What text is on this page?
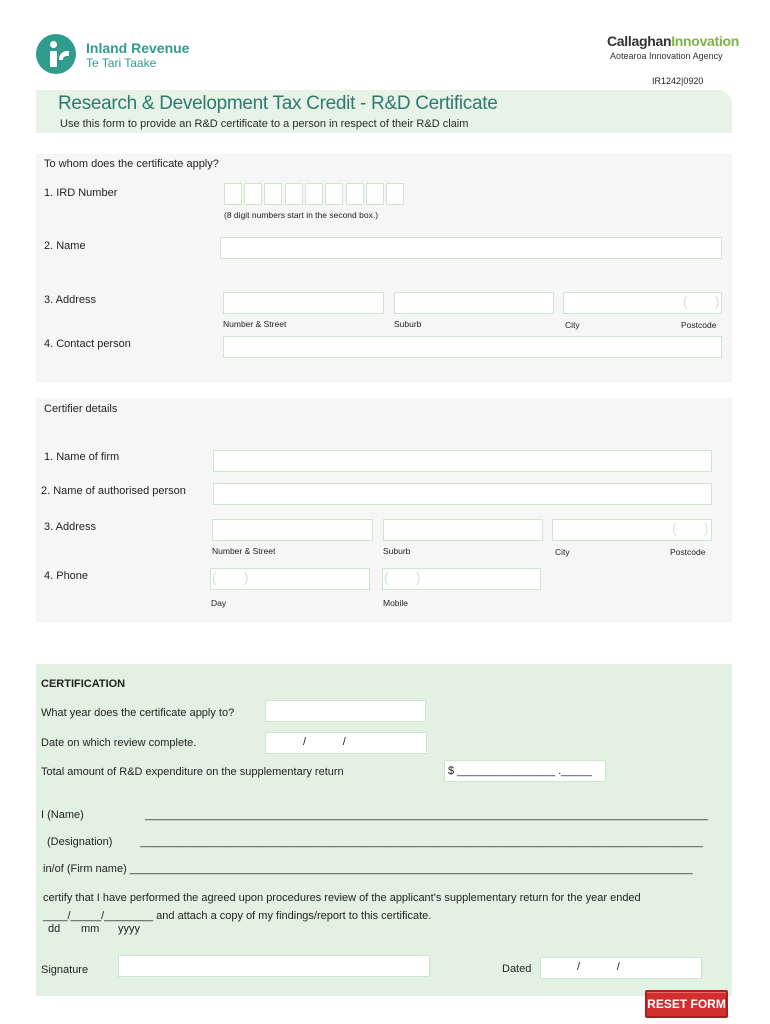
Inland Revenue
Te Tari Taake
CallaghanInnovation
Aotearoa Innovation Agency
IR1242|0920
Research & Development Tax Credit - R&D Certificate
Use this form to provide an R&D certificate to a person in respect of their R&D claim
To whom does the certificate apply?
1. IRD Number
(8 digit numbers start in the second box.)
2. Name
3. Address	(       )
Number & Street	Suburb	City	Postcode
4. Contact person
Certifier details
1. Name of firm
2. Name of authorised person
3. Address	(       )
Number & Street	Suburb	City	Postcode
4. Phone	(       )	(       )
Day	Mobile
CERTIFICATION
What year does the certificate apply to?
Date on which review complete.	/            /
Total amount of R&D expenditure on the supplementary return	$ ________________ ._____
I (Name)	____________________________________________________________________________________________
(Designation)	____________________________________________________________________________________________
in/of (Firm name) ____________________________________________________________________________________________
certify that I have performed the agreed upon procedures review of the applicant's supplementary return for the year ended
____/_____/________ and attach a copy of my findings/report to this certificate.
dd mm yyyy
Signature	Dated	/            /
RESET FORM
